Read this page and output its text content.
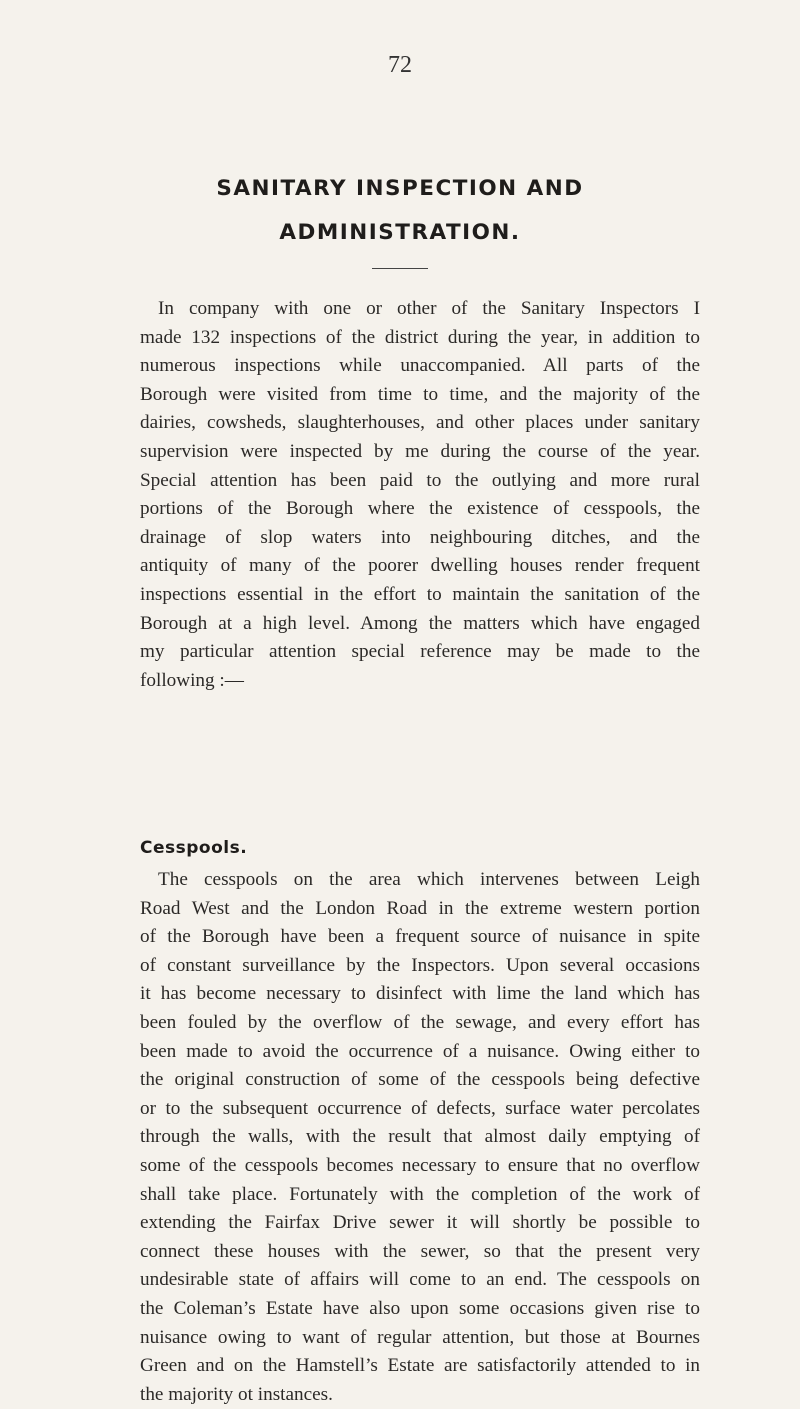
72
SANITARY INSPECTION AND
ADMINISTRATION.
In company with one or other of the Sanitary Inspectors I
made 132 inspections of the district during the year, in addition to
numerous inspections while unaccompanied. All parts of the
Borough were visited from time to time, and the majority of the
dairies, cowsheds, slaughterhouses, and other places under sanitary
supervision were inspected by me during the course of the year.
Special attention has been paid to the outlying and more rural
portions of the Borough where the existence of cesspools, the
drainage of slop waters into neighbouring ditches, and the
antiquity of many of the poorer dwelling houses render frequent
inspections essential in the effort to maintain the sanitation of the
Borough at a high level. Among the matters which have engaged
my particular attention special reference may be made to the
following :—
Cesspools.
The cesspools on the area which intervenes between Leigh
Road West and the London Road in the extreme western portion
of the Borough have been a frequent source of nuisance in spite
of constant surveillance by the Inspectors. Upon several occasions
it has become necessary to disinfect with lime the land which has
been fouled by the overflow of the sewage, and every effort has
been made to avoid the occurrence of a nuisance. Owing either to
the original construction of some of the cesspools being defective
or to the subsequent occurrence of defects, surface water percolates
through the walls, with the result that almost daily emptying of
some of the cesspools becomes necessary to ensure that no overflow
shall take place. Fortunately with the completion of the work of
extending the Fairfax Drive sewer it will shortly be possible to
connect these houses with the sewer, so that the present very
undesirable state of affairs will come to an end. The cesspools on
the Coleman’s Estate have also upon some occasions given rise to
nuisance owing to want of regular attention, but those at Bournes
Green and on the Hamstell’s Estate are satisfactorily attended to in
the majority ot instances.
